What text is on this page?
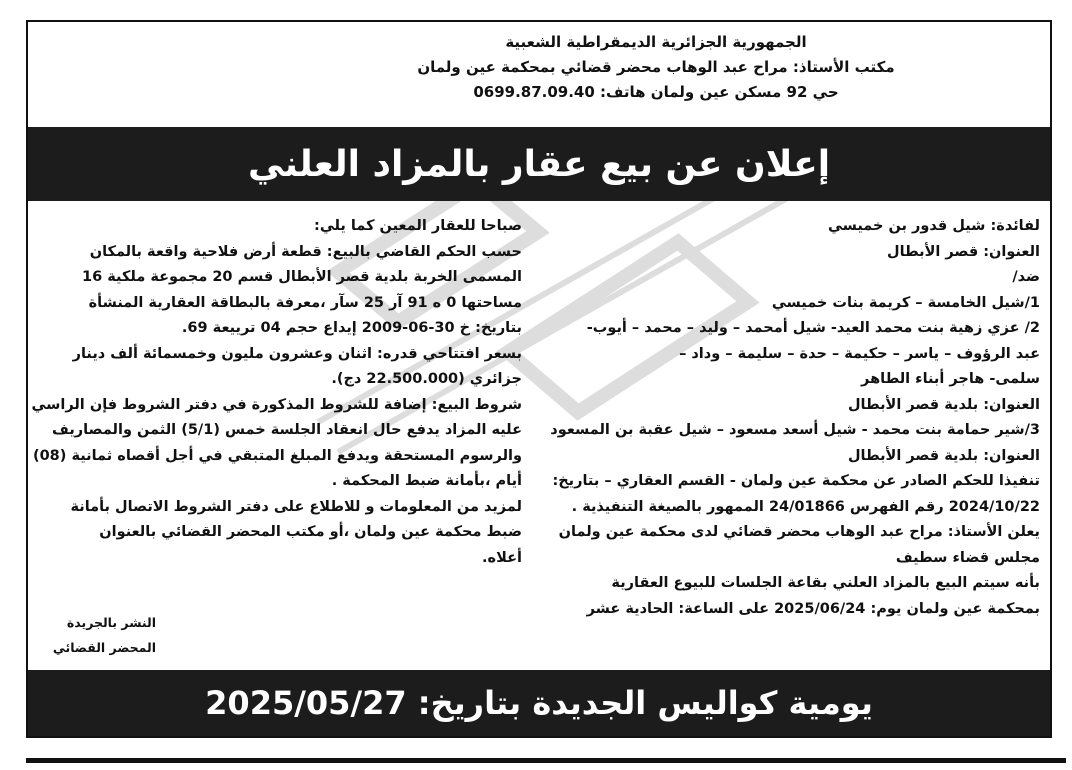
الجمهورية الجزائرية الديمقراطية الشعبية
مكتب الأستاذ: مراح عبد الوهاب محضر قضائي بمحكمة عين ولمان
حي 92 مسكن عين ولمان هاتف: 0699.87.09.40
إعلان عن بيع عقار بالمزاد العلني
لفائدة: شيل قدور بن خميسي
العنوان: قصر الأبطال
ضد/
1/شيل الخامسة – كريمة بنات خميسي
2/ عزي زهية بنت محمد العيد- شيل أمحمد – وليد – محمد – أيوب-
عبد الرؤوف – ياسر – حكيمة – حدة – سليمة – وداد –
سلمى- هاجر أبناء الطاهر
العنوان: بلدية قصر الأبطال
3/شير حمامة بنت محمد - شيل أسعد مسعود – شيل عقبة بن المسعود
العنوان: بلدية قصر الأبطال
تنفيذا للحكم الصادر عن محكمة عين ولمان - القسم العقاري – بتاريخ:
2024/10/22 رقم الفهرس 24/01866 الممهور بالصيغة التنفيذية .
يعلن الأستاذ: مراح عبد الوهاب محضر قضائي لدى محكمة عين ولمان
مجلس قضاء سطيف
بأنه سيتم البيع بالمزاد العلني بقاعة الجلسات للبيوع العقارية
بمحكمة عين ولمان يوم: 2025/06/24 على الساعة: الحادية عشر
صباحا للعقار المعين كما يلي:
حسب الحكم القاضي بالبيع: قطعة أرض فلاحية واقعة بالمكان
المسمى الخربة بلدية قصر الأبطال قسم 20 مجموعة ملكية 16
مساحتها 0 ه 91 آر 25 سآر ،معرفة بالبطاقة العقارية المنشأة
بتاريخ: خ 30-06-2009 إيداع حجم 04 ترييعة 69.
بسعر افتتاحي قدره: اثنان وعشرون مليون وخمسمائة ألف دينار
جزائري (22.500.000 دج).
شروط البيع: إضافة للشروط المذكورة في دفتر الشروط فإن الراسي
عليه المزاد يدفع حال انعقاد الجلسة خمس (5/1) الثمن والمصاريف
والرسوم المستحقة ويدفع المبلغ المتبقي في أجل أقصاه ثمانية (08)
أيام ،بأمانة ضبط المحكمة .
لمزيد من المعلومات و للاطلاع على دفتر الشروط الاتصال بأمانة
ضبط محكمة عين ولمان ،أو مكتب المحضر القضائي بالعنوان
أعلاه.
النشر بالجريدة
المحضر القضائي
يومية كواليس الجديدة بتاريخ: 2025/05/27
